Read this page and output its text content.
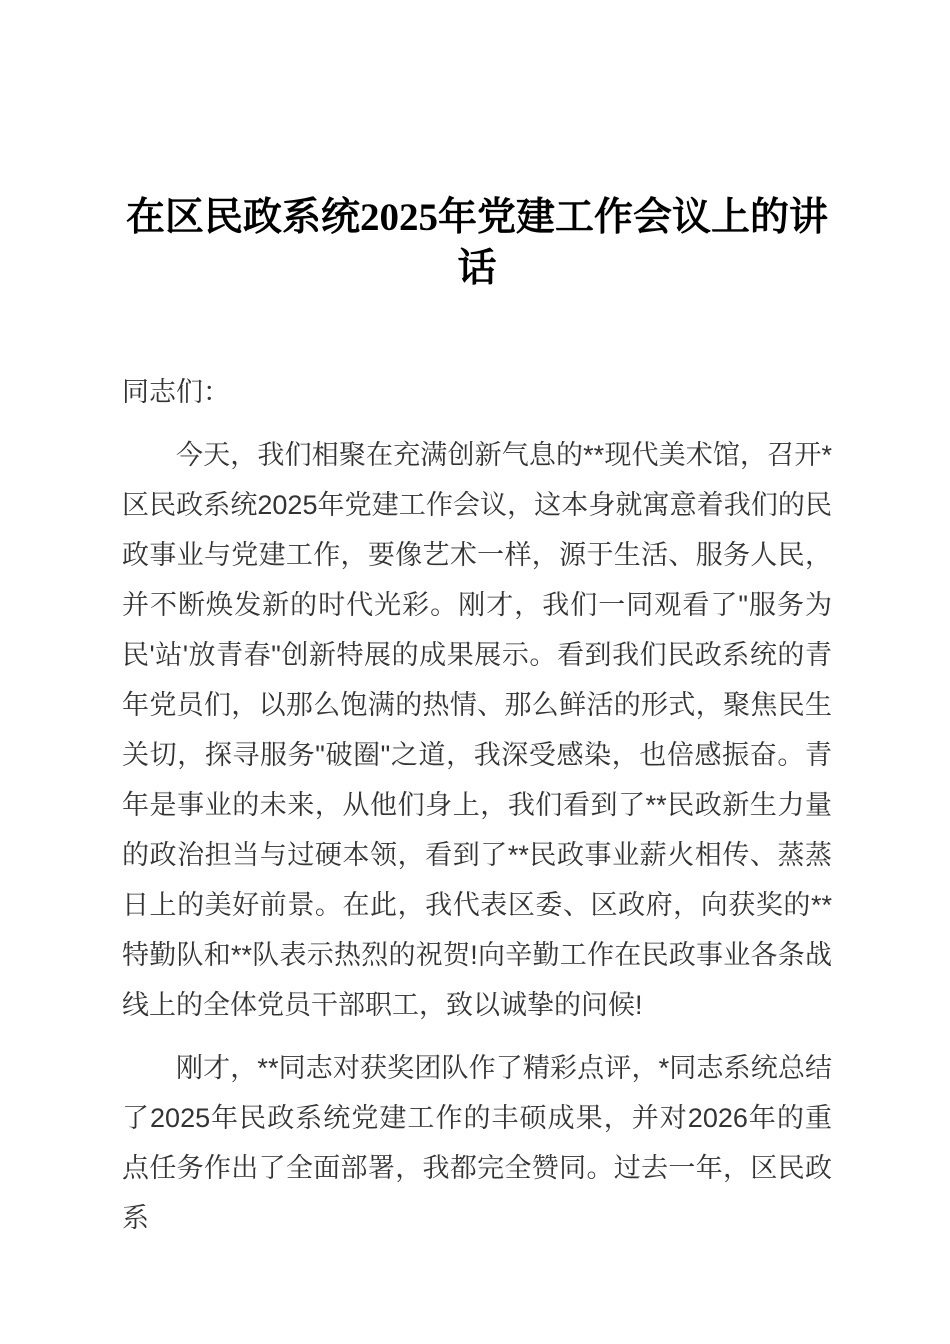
在区民政系统2025年党建工作会议上的讲话

同志们：

今天，我们相聚在充满创新气息的**现代美术馆，召开*区民政系统2025年党建工作会议，这本身就寓意着我们的民政事业与党建工作，要像艺术一样，源于生活、服务人民，并不断焕发新的时代光彩。刚才，我们一同观看了"服务为民'站'放青春"创新特展的成果展示。看到我们民政系统的青年党员们，以那么饱满的热情、那么鲜活的形式，聚焦民生关切，探寻服务"破圈"之道，我深受感染，也倍感振奋。青年是事业的未来，从他们身上，我们看到了**民政新生力量的政治担当与过硬本领，看到了**民政事业薪火相传、蒸蒸日上的美好前景。在此，我代表区委、区政府，向获奖的**特勤队和**队表示热烈的祝贺!向辛勤工作在民政事业各条战线上的全体党员干部职工，致以诚挚的问候!

刚才，**同志对获奖团队作了精彩点评，*同志系统总结了2025年民政系统党建工作的丰硕成果，并对2026年的重点任务作出了全面部署，我都完全赞同。过去一年，区民政系
